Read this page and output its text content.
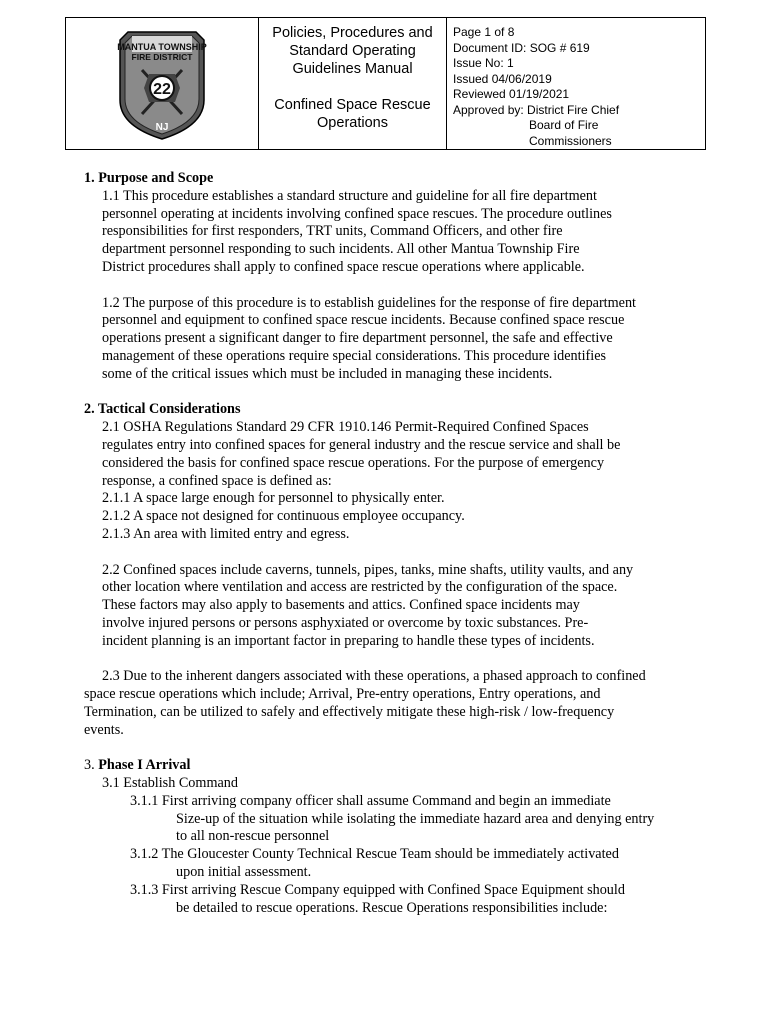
FIRE DISTRICT
MANTUA TOWNSHIP
22
NJ
Policies, Procedures and
Standard Operating
Guidelines Manual
Confined Space Rescue
Operations
Page 1 of 8
Document ID: SOG # 619
Issue No: 1
Issued 04/06/2019
Reviewed 01/19/2021
Approved by: District Fire Chief
Board of Fire
Commissioners
1. Purpose and Scope
1.1 This procedure establishes a standard structure and guideline for all fire department
personnel operating at incidents involving confined space rescues. The procedure outlines
responsibilities for first responders, TRT units, Command Officers, and other fire
department personnel responding to such incidents. All other Mantua Township Fire
District procedures shall apply to confined space rescue operations where applicable.
1.2 The purpose of this procedure is to establish guidelines for the response of fire department
personnel and equipment to confined space rescue incidents. Because confined space rescue
operations present a significant danger to fire department personnel, the safe and effective
management of these operations require special considerations. This procedure identifies
some of the critical issues which must be included in managing these incidents.
2. Tactical Considerations
2.1 OSHA Regulations Standard 29 CFR 1910.146 Permit-Required Confined Spaces
regulates entry into confined spaces for general industry and the rescue service and shall be
considered the basis for confined space rescue operations. For the purpose of emergency
response, a confined space is defined as:
2.1.1 A space large enough for personnel to physically enter.
2.1.2 A space not designed for continuous employee occupancy.
2.1.3 An area with limited entry and egress.
2.2 Confined spaces include caverns, tunnels, pipes, tanks, mine shafts, utility vaults, and any
other location where ventilation and access are restricted by the configuration of the space.
These factors may also apply to basements and attics. Confined space incidents may
involve injured persons or persons asphyxiated or overcome by toxic substances. Pre-
incident planning is an important factor in preparing to handle these types of incidents.
2.3 Due to the inherent dangers associated with these operations, a phased approach to confined
space rescue operations which include; Arrival, Pre-entry operations, Entry operations, and
Termination, can be utilized to safely and effectively mitigate these high-risk / low-frequency
events.
3. Phase I Arrival
3.1 Establish Command
3.1.1 First arriving company officer shall assume Command and begin an immediate
Size-up of the situation while isolating the immediate hazard area and denying entry
to all non-rescue personnel
3.1.2 The Gloucester County Technical Rescue Team should be immediately activated
upon initial assessment.
3.1.3 First arriving Rescue Company equipped with Confined Space Equipment should
be detailed to rescue operations. Rescue Operations responsibilities include:
